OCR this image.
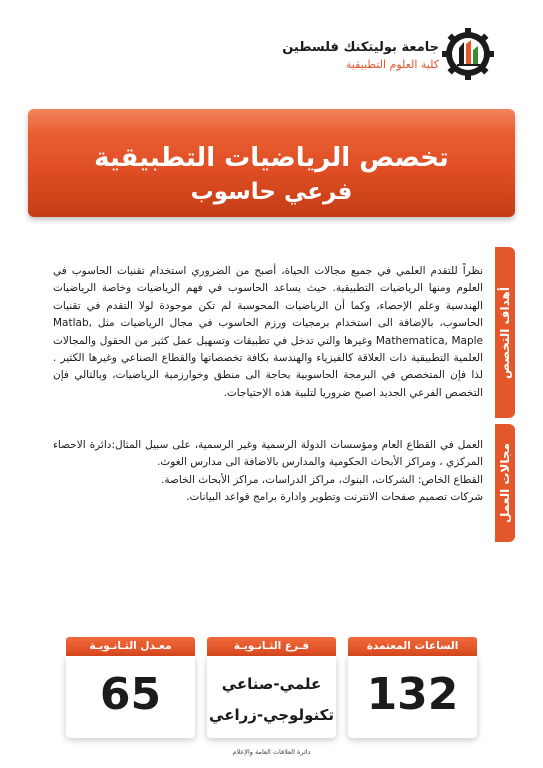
جامعة بوليتكنك فلسطين
كلية العلوم التطبيقية
تخصص الرياضيات التطبيقية
فرعي حاسوب
أهداف التخصص
مجالات العمل

نظراً للتقدم العلمي في جميع مجالات الحياة، أصبح من الضروري استخدام تقنيات الحاسوب في العلوم ومنها الرياضيات التطبيقية. حيث يساعد الحاسوب في فهم الرياضيات وخاصة الرياضيات الهندسية وعلم الإحصاء، وكما أن الرياضيات المحوسبة لم تكن موجودة لولا التقدم في تقنيات الحاسوب، بالإضافة الى استخدام برمجيات ورزم الحاسوب في مجال الرياضيات مثل Matlab, Mathematica, Maple وغيرها والتي تدخل في تطبيقات وتسهيل عمل كثير من الحقول والمجالات العلمية التطبيقية ذات العلاقة كالفيزياء والهندسة بكافة تخصصاتها والقطاع الصناعي وغيرها الكثير . لذا فإن المتخصص في البرمجة الحاسوبية بحاجة الى منطق وخوارزمية الرياضيات، وبالتالي فإن التخصص الفرعي الجديد اصبح ضروريا لتلبية هذه الإحتياجات.

العمل في القطاع العام ومؤسسات الدولة الرسمية وغير الرسمية، على سبيل المثال:دائرة الاحصاء المركزي ، ومراكز الأبحاث الحكومية والمدارس بالاضافة الى مدارس الغوث.

القطاع الخاص: الشركات، البنوك، مراكز الدراسات، مراكز الأبحاث الخاصة.

شركات تصميم صفحات الانترنت وتطوير وادارة برامج قواعد البيانات.

الساعات المعتمدة
132
فـرع الثـانـويـة
علمي-صناعي
تكنولوجي-زراعي
معـدل الثـانـويـة
65
دائرة العلاقات العامة والإعلام
